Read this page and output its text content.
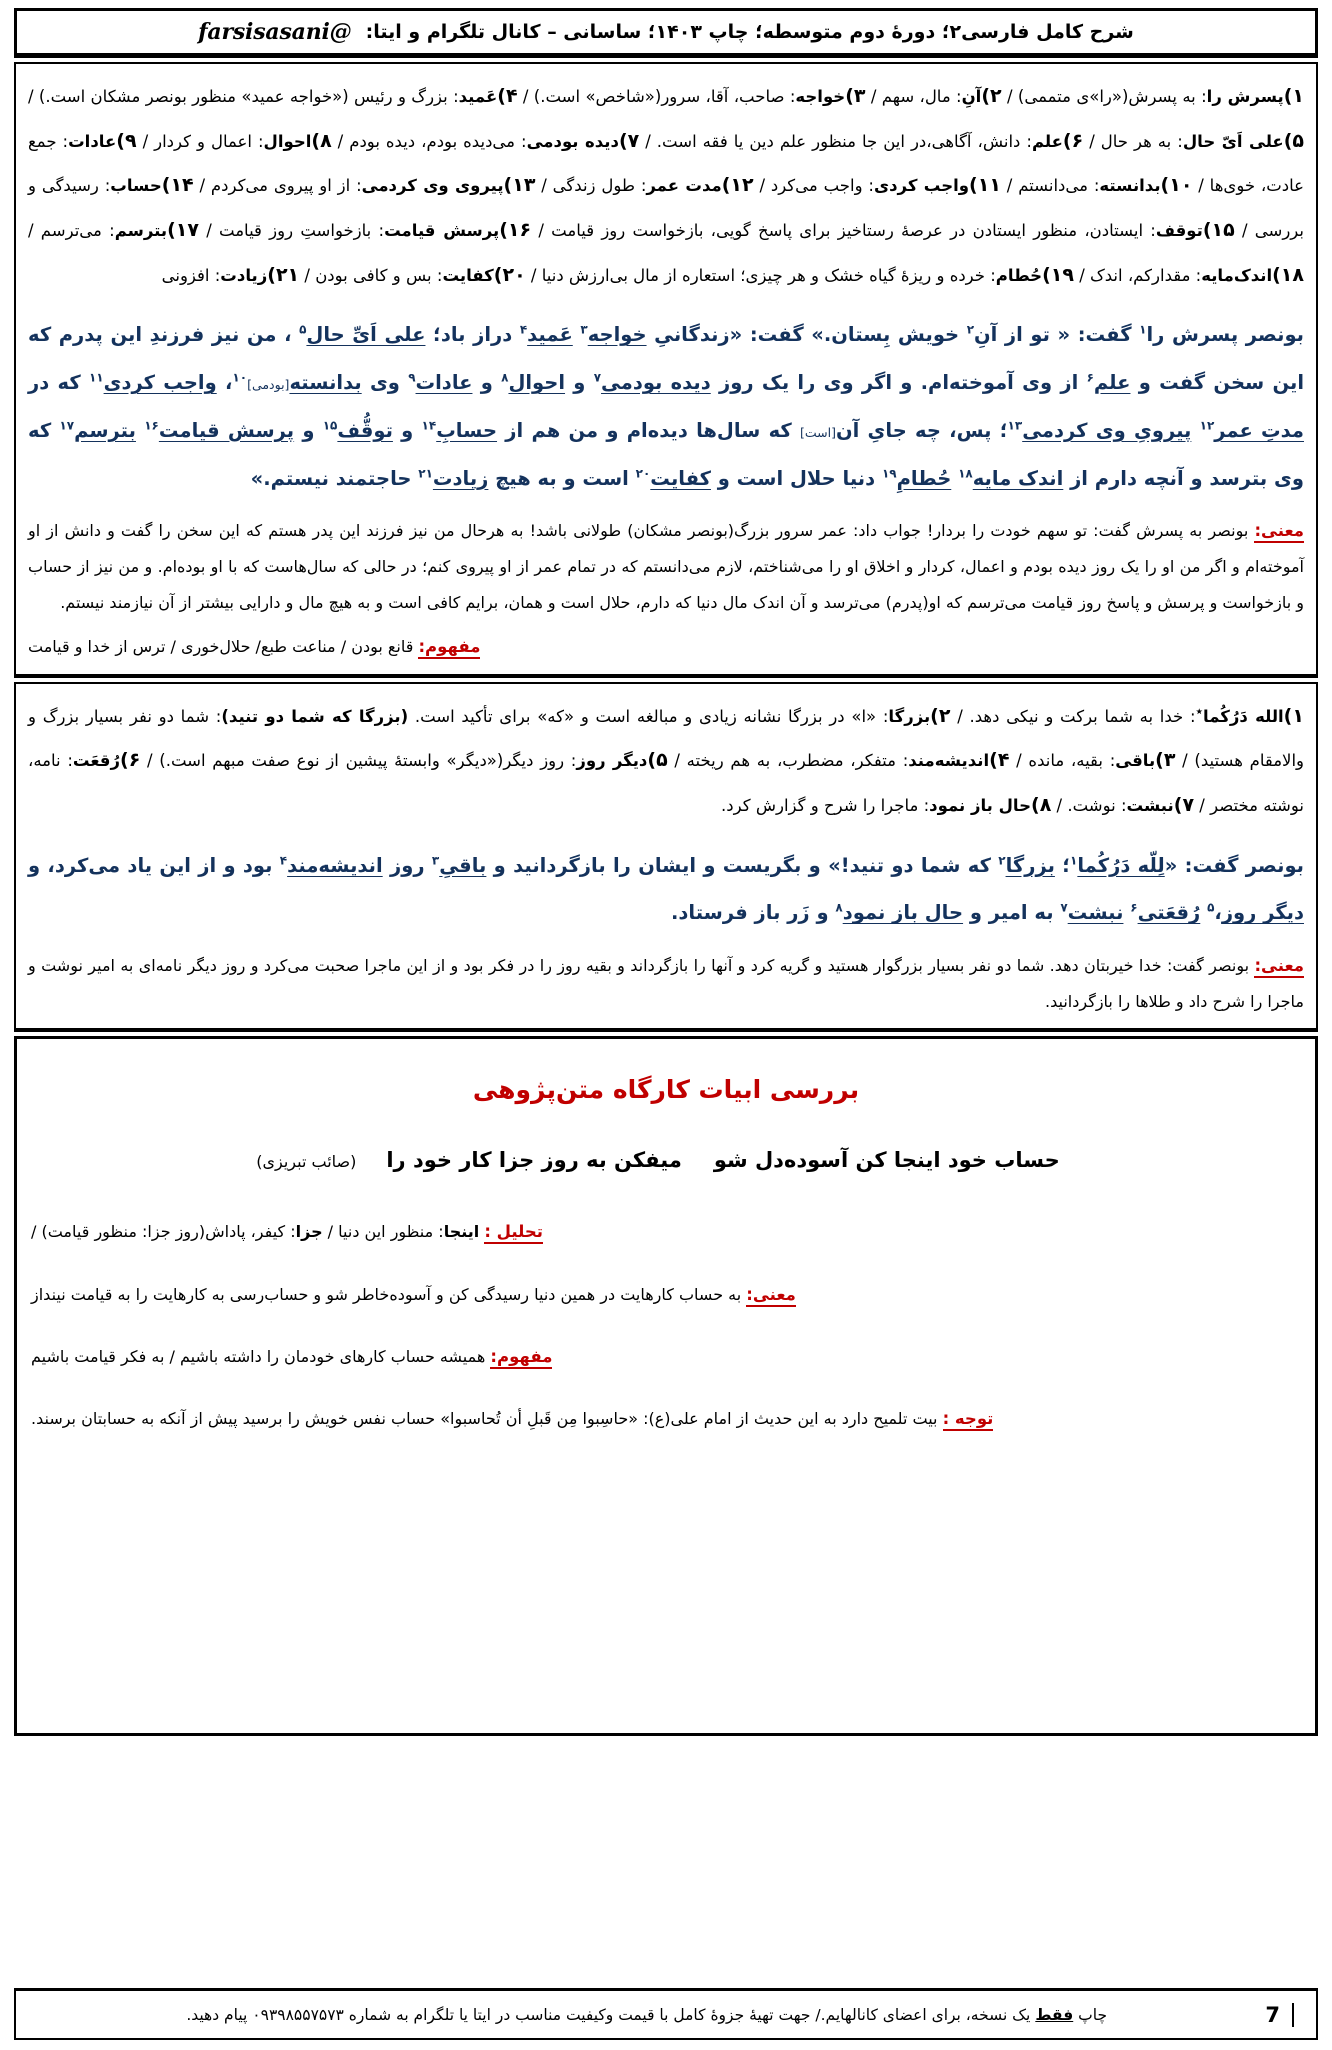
شرح کامل فارسی۲؛ دورهٔ دوم متوسطه؛ چاپ ۱۴۰۳؛ ساسانی – کانال تلگرام و ایتا:@farsisasani
۱)پسرش را: به پسرش(«را»ی متممی) / ۲)آنِ: مال، سهم / ۳)خواجه: صاحب، آقا، سرور(«شاخص» است.) / ۴)عَمید: بزرگ و رئیس («خواجه عمید» منظور بونصر مشکان است.) / ۵)علی اَیّ حال: به هر حال / ۶)علم: دانش، آگاهی،در این جا منظور علم دین یا فقه است. / ۷)دیده بودمی: می‌دیده بودم، دیده بودم / ۸)احوال: اعمال و کردار / ۹)عادات: جمع عادت، خوی‌ها / ۱۰)بدانسته: می‌دانستم / ۱۱)واجب کردی: واجب می‌کرد / ۱۲)مدت عمر: طول زندگی / ۱۳)پیروی وی کردمی: از او پیروی می‌کردم / ۱۴)حساب: رسیدگی و بررسی / ۱۵)توقف: ایستادن، منظور ایستادن در عرصهٔ رستاخیز برای پاسخ گویی، بازخواست روز قیامت / ۱۶)پرسش قیامت: بازخواستِ روز قیامت / ۱۷)بترسم: می‌ترسم / ۱۸)اندک‌مایه: مقدارکم، اندک / ۱۹)حُطام: خرده و ریزهٔ گیاه خشک و هر چیزی؛ استعاره از مال بی‌ارزش دنیا / ۲۰)کفایت: بس و کافی بودن / ۲۱)زیادت: افزونی
بونصر پسرش را$^۱$ گفت: « تو از آنِ$^۲$ خویش بِستان.» گفت: «زندگانیِ خواجه$^۳$ عَمید$^۴$ دراز باد؛ علی اَیِّ حال$^۵$ ، من نیز فرزندِ این پدرم که این سخن گفت و علم$^۶$ از وی آموخته‌ام. و اگر وی را یک روز دیده بودمی$^۷$ و احوال$^۸$ و عادات$^۹$ وی بدانسته[بودمی]$^{۱۰}$، واجب کردی$^{۱۱}$ که در مدتِ عمر$^{۱۲}$ پیرویِ وی کردمی$^{۱۳}$؛ پس، چه جایِ آن[است] که سال‌ها دیده‌ام و من هم از حسابِ$^{۱۴}$ و توقُّف$^{۱۵}$ و پرسش قیامت$^{۱۶}$ بترسم$^{۱۷}$ که وی بترسد و آنچه دارم از اندک مایه$^{۱۸}$ حُطامِ$^{۱۹}$ دنیا حلال است و کفایت$^{۲۰}$ است و به هیچ زیادت$^{۲۱}$ حاجتمند نیستم.»
معنی: بونصر به پسرش گفت: تو سهم خودت را بردار! جواب داد: عمر سرور بزرگ(بونصر مشکان) طولانی باشد! به هرحال من نیز فرزند این پدر هستم که این سخن را گفت و دانش از او آموخته‌ام و اگر من او را یک روز دیده بودم و اعمال، کردار و اخلاق او را می‌شناختم، لازم می‌دانستم که در تمام عمر از او پیروی کنم؛ در حالی که سال‌هاست که با او بوده‌ام. و من نیز از حساب و بازخواست و پرسش و پاسخ روز قیامت می‌ترسم که او(پدرم) می‌ترسد و آن اندک مال دنیا که دارم، حلال است و همان، برایم کافی است و به هیچ مال و دارایی بیشتر از آن نیازمند نیستم.
مفهوم: قانع بودن / مناعت طبع/ حلال‌خوری / ترس از خدا و قیامت
۱)الله دَرُکُما٭: خدا به شما برکت و نیکی دهد. / ۲)بزرگا: «ا» در بزرگا نشانه زیادی و مبالغه است و «که» برای تأکید است. (بزرگا که شما دو تنید): شما دو نفر بسیار بزرگ و والامقام هستید) / ۳)باقی: بقیه، مانده / ۴)اندیشه‌مند: متفکر، مضطرب، به هم ریخته / ۵)دیگر روز: روز دیگر(«دیگر» وابستهٔ پیشین از نوع صفت مبهم است.) / ۶)رُقعَت: نامه، نوشته مختصر / ۷)نبشت: نوشت. / ۸)حال باز نمود: ماجرا را شرح و گزارش کرد.
بونصر گفت: «لِلّه دَرُکُما$^۱$؛ بزرگا$^۲$ که شما دو تنید!» و بگریست و ایشان را بازگردانید و باقیِ$^۳$ روز اندیشه‌مند$^۴$ بود و از این یاد می‌کرد، و دیگر روز،$^۵$ رُقعَتی$^۶$ نبشت$^۷$ به امیر و حال باز نمود$^۸$ و زَر باز فرستاد.
معنی: بونصر گفت: خدا خیربتان دهد. شما دو نفر بسیار بزرگوار هستید و گریه کرد و آنها را بازگرداند و بقیه روز را در فکر بود و از این ماجرا صحبت می‌کرد و روز دیگر نامه‌ای به امیر نوشت و ماجرا را شرح داد و طلاها را بازگردانید.
بررسی ابیات کارگاه متن‌پژوهی
حساب خود اینجا کن آسوده‌دل شو
میفکن به روز جزا کار خود را
(صائب تبریزی)
تحلیل : اینجا: منظور این دنیا / جزا: کیفر، پاداش(روز جزا: منظور قیامت) /
معنی: به حساب کارهایت در همین دنیا رسیدگی کن و آسوده‌خاطر شو و حساب‌رسی به کارهایت را به قیامت نینداز
مفهوم: همیشه حساب کارهای خودمان را داشته باشیم / به فکر قیامت باشیم
توجه : بیت تلمیح دارد به این حدیث از امام علی(ع): «حاسِبوا مِن قَبلِ أن تُحاسبوا» حساب نفس خویش را برسید پیش از آنکه به حسابتان برسند.
7
چاپ فقط یک نسخه، برای اعضای کانالهایم./ جهت تهیهٔ جزوهٔ کامل با قیمت وکیفیت مناسب در ایتا یا تلگرام به شماره ۰۹۳۹۸۵۵۷۵۷۳ پیام دهید.
